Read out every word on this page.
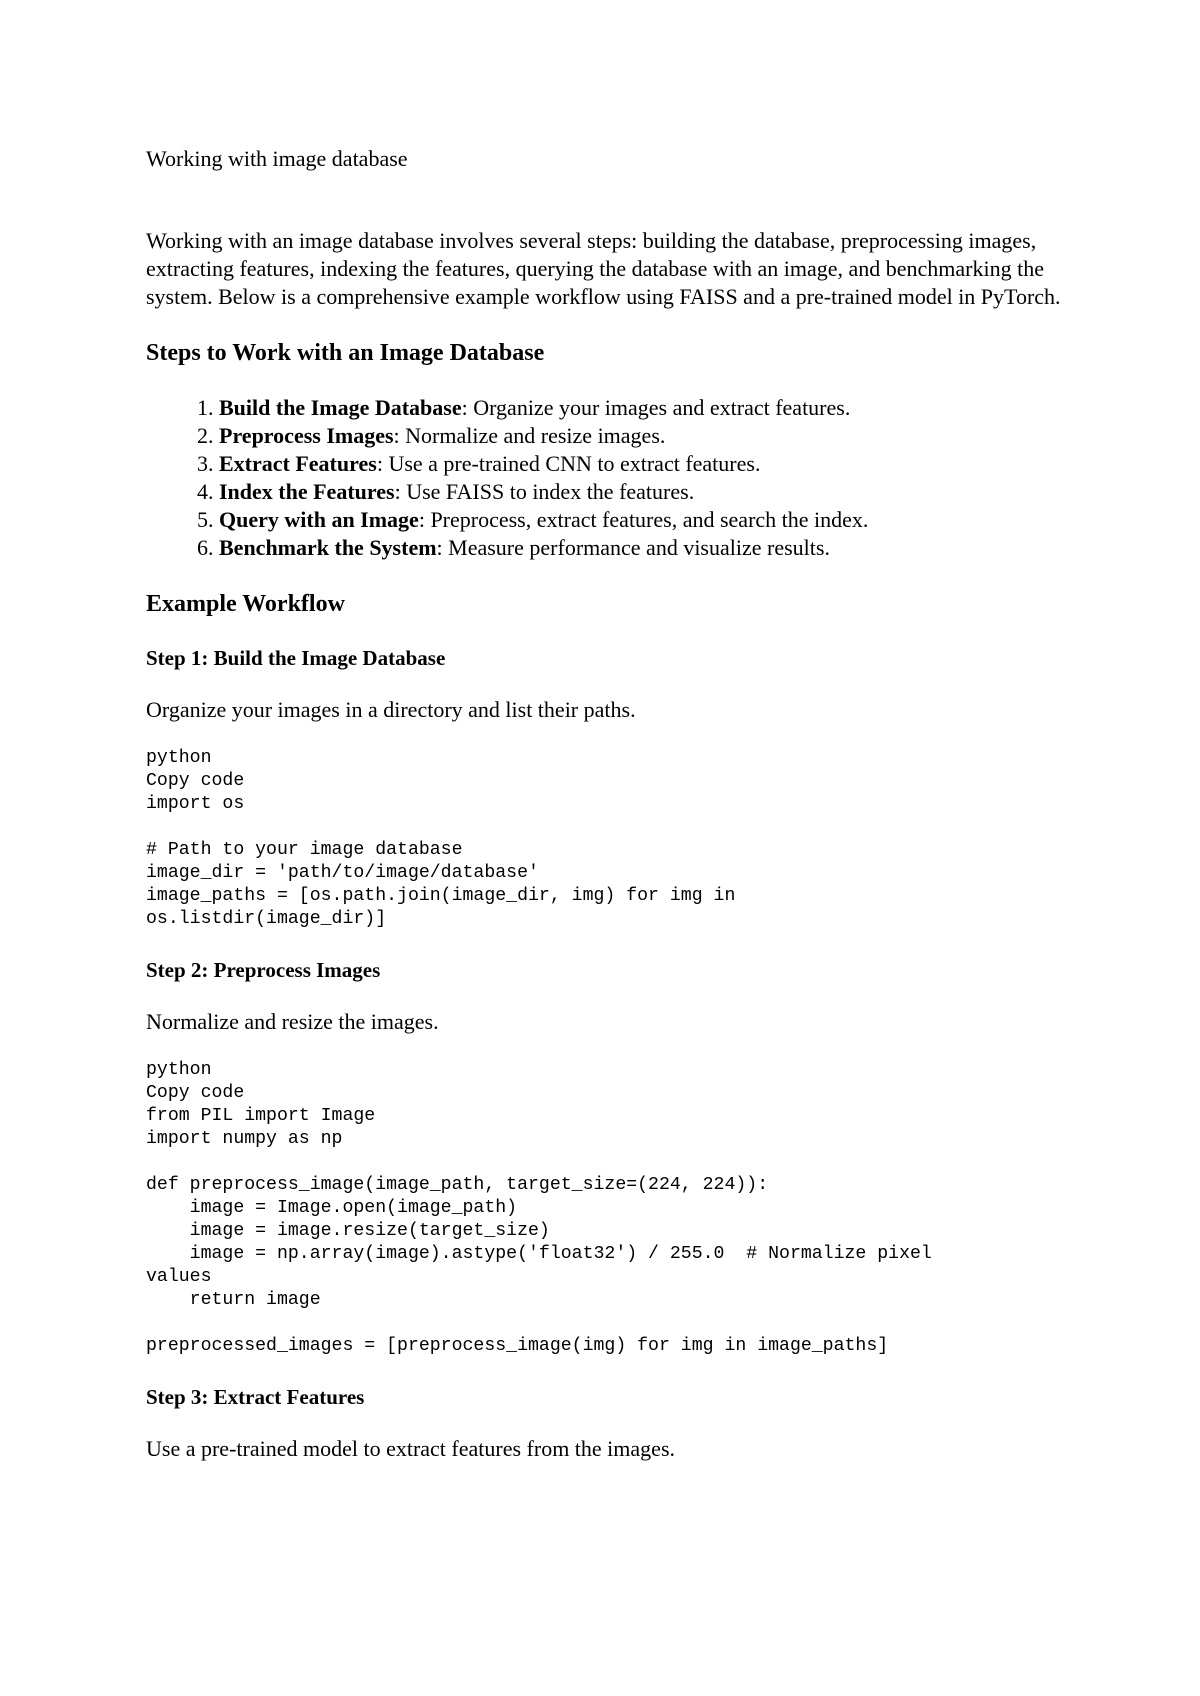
Working with image database

Working with an image database involves several steps: building the database, preprocessing images, extracting features, indexing the features, querying the database with an image, and benchmarking the system. Below is a comprehensive example workflow using FAISS and a pre-trained model in PyTorch.

Steps to Work with an Image Database
1. Build the Image Database: Organize your images and extract features.
2. Preprocess Images: Normalize and resize images.
3. Extract Features: Use a pre-trained CNN to extract features.
4. Index the Features: Use FAISS to index the features.
5. Query with an Image: Preprocess, extract features, and search the index.
6. Benchmark the System: Measure performance and visualize results.
Example Workflow
Step 1: Build the Image Database

Organize your images in a directory and list their paths.

python
Copy code
import os

# Path to your image database
image_dir = 'path/to/image/database'
image_paths = [os.path.join(image_dir, img) for img in
os.listdir(image_dir)]
Step 2: Preprocess Images

Normalize and resize the images.

python
Copy code
from PIL import Image
import numpy as np

def preprocess_image(image_path, target_size=(224, 224)):
image = Image.open(image_path)
image = image.resize(target_size)
image = np.array(image).astype('float32') / 255.0  # Normalize pixel
values
return image

preprocessed_images = [preprocess_image(img) for img in image_paths]
Step 3: Extract Features

Use a pre-trained model to extract features from the images.
